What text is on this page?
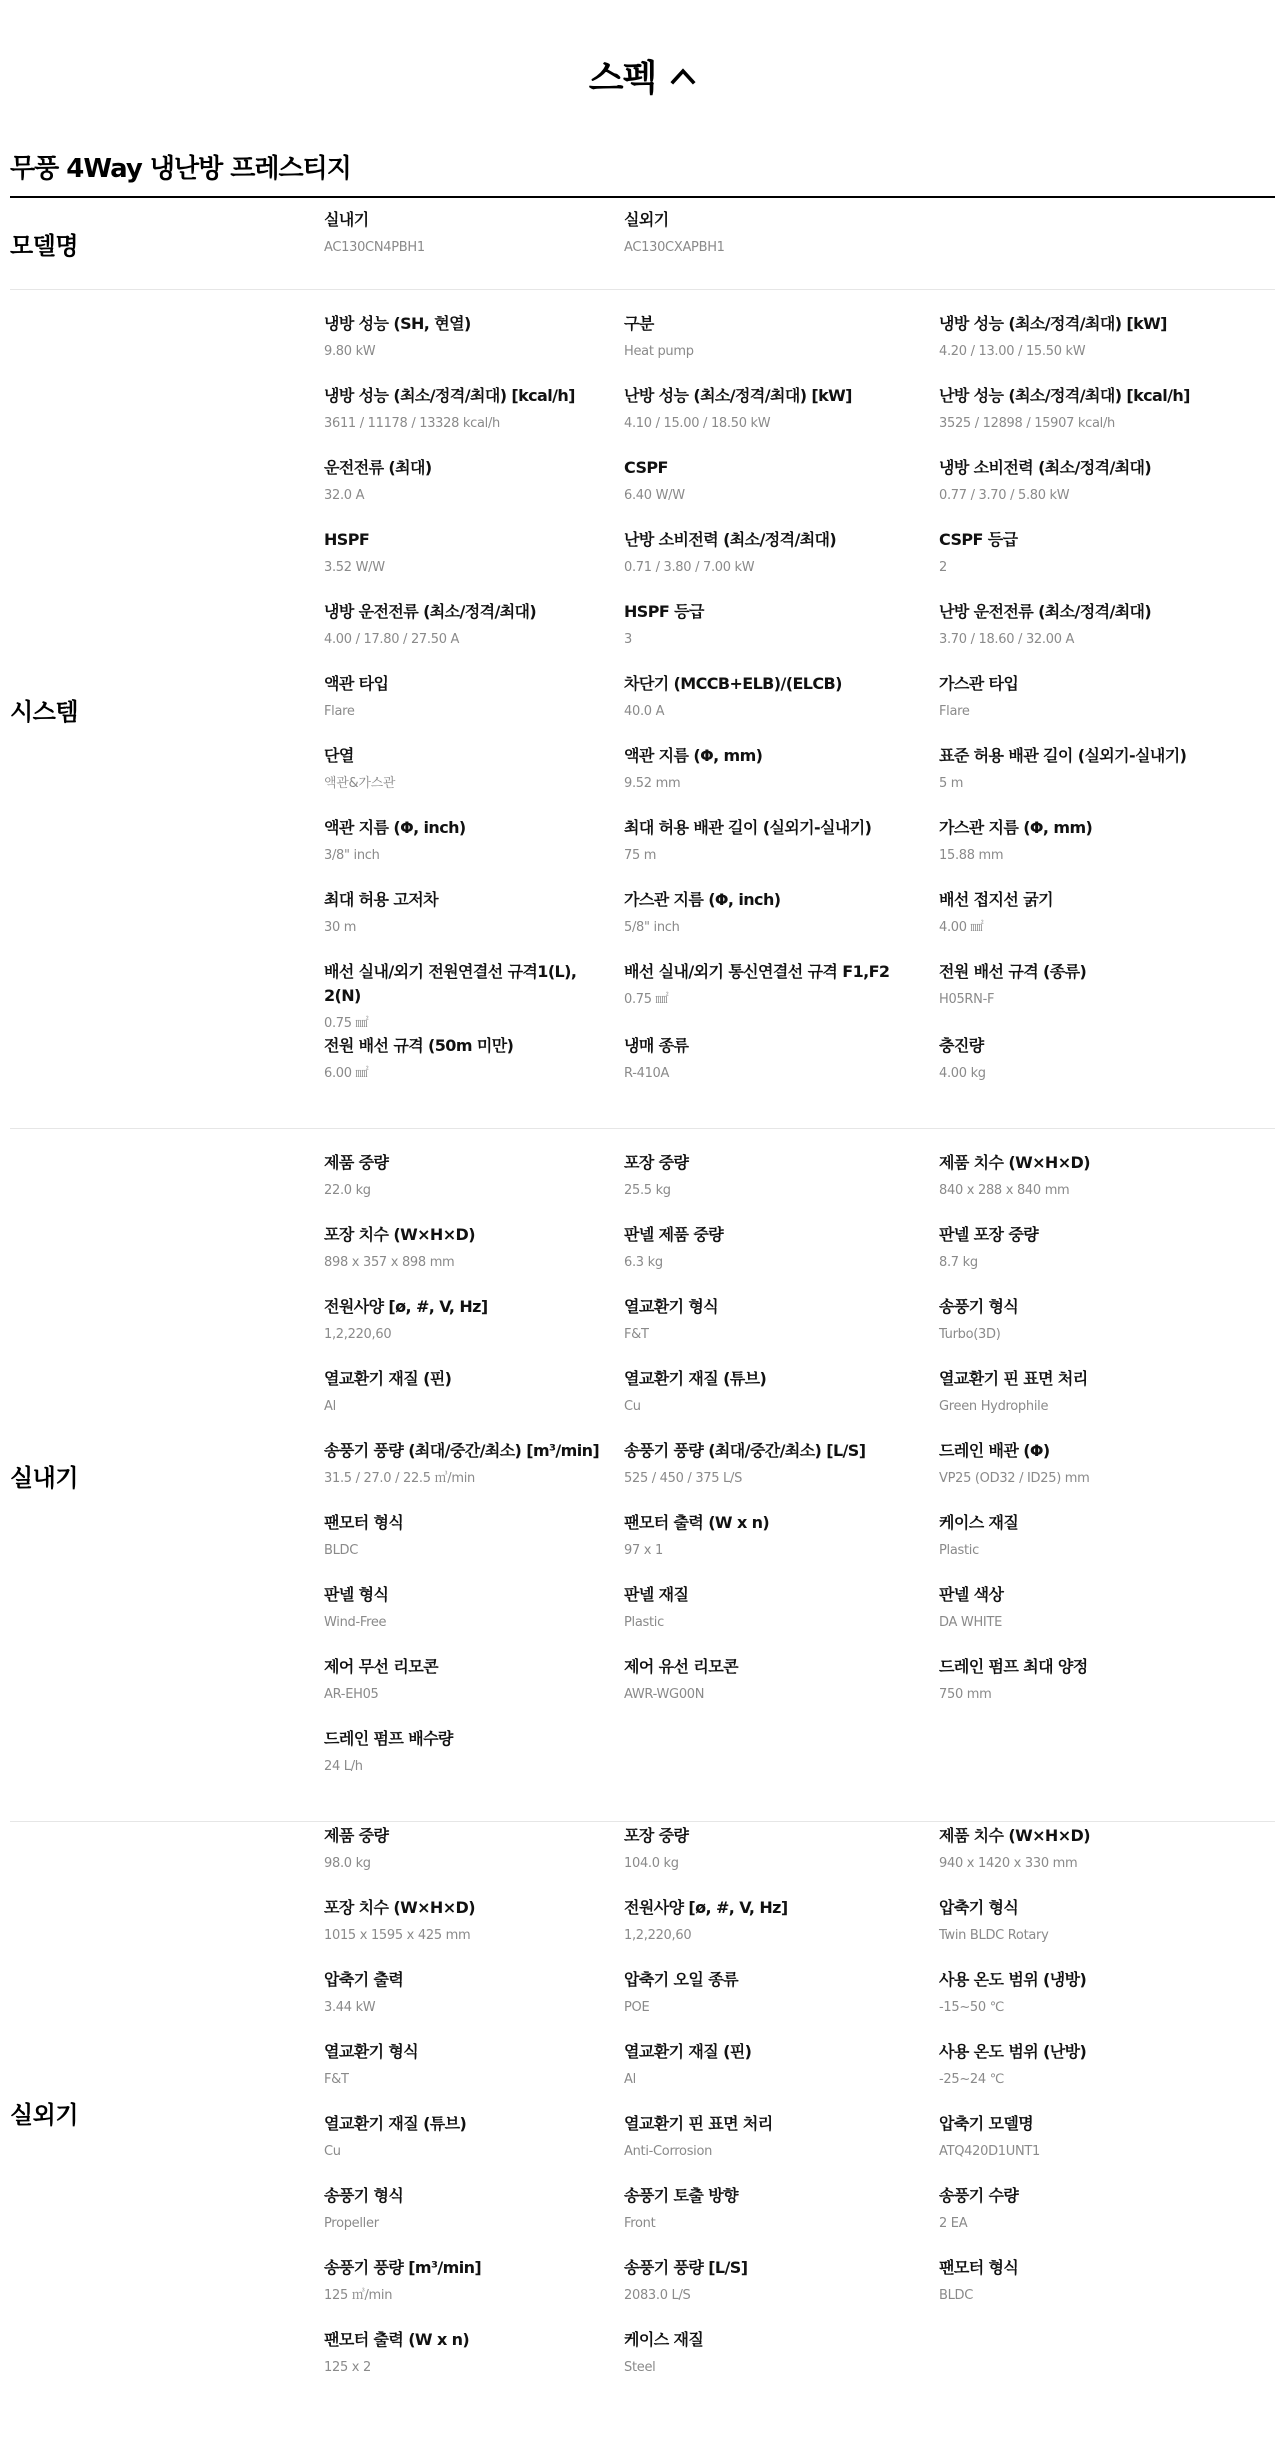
스펙
무풍 4Way 냉난방 프레스티지
모델명
실내기
AC130CN4PBH1
실외기
AC130CXAPBH1
시스템
냉방 성능 (SH, 현열)
9.80 kW
구분
Heat pump
냉방 성능 (최소/정격/최대) [kW]
4.20 / 13.00 / 15.50 kW
냉방 성능 (최소/정격/최대) [kcal/h]
3611 / 11178 / 13328 kcal/h
난방 성능 (최소/정격/최대) [kW]
4.10 / 15.00 / 18.50 kW
난방 성능 (최소/정격/최대) [kcal/h]
3525 / 12898 / 15907 kcal/h
운전전류 (최대)
32.0 A
CSPF
6.40 W/W
냉방 소비전력 (최소/정격/최대)
0.77 / 3.70 / 5.80 kW
HSPF
3.52 W/W
난방 소비전력 (최소/정격/최대)
0.71 / 3.80 / 7.00 kW
CSPF 등급
2
냉방 운전전류 (최소/정격/최대)
4.00 / 17.80 / 27.50 A
HSPF 등급
3
난방 운전전류 (최소/정격/최대)
3.70 / 18.60 / 32.00 A
액관 타입
Flare
차단기 (MCCB+ELB)/(ELCB)
40.0 A
가스관 타입
Flare
단열
액관&가스관
액관 지름 (Φ, mm)
9.52 mm
표준 허용 배관 길이 (실외기-실내기)
5 m
액관 지름 (Φ, inch)
3/8" inch
최대 허용 배관 길이 (실외기-실내기)
75 m
가스관 지름 (Φ, mm)
15.88 mm
최대 허용 고저차
30 m
가스관 지름 (Φ, inch)
5/8" inch
배선 접지선 굵기
4.00 ㎟
배선 실내/외기 전원연결선 규격1(L), 2(N)
0.75 ㎟
배선 실내/외기 통신연결선 규격 F1,F2
0.75 ㎟
전원 배선 규격 (종류)
H05RN-F
전원 배선 규격 (50m 미만)
6.00 ㎟
냉매 종류
R-410A
충진량
4.00 kg
실내기
제품 중량
22.0 kg
포장 중량
25.5 kg
제품 치수 (W×H×D)
840 x 288 x 840 mm
포장 치수 (W×H×D)
898 x 357 x 898 mm
판넬 제품 중량
6.3 kg
판넬 포장 중량
8.7 kg
전원사양 [ø, #, V, Hz]
1,2,220,60
열교환기 형식
F&T
송풍기 형식
Turbo(3D)
열교환기 재질 (핀)
Al
열교환기 재질 (튜브)
Cu
열교환기 핀 표면 처리
Green Hydrophile
송풍기 풍량 (최대/중간/최소) [m³/min]
31.5 / 27.0 / 22.5 ㎥/min
송풍기 풍량 (최대/중간/최소) [L/S]
525 / 450 / 375 L/S
드레인 배관 (Φ)
VP25 (OD32 / ID25) mm
팬모터 형식
BLDC
팬모터 출력 (W x n)
97 x 1
케이스 재질
Plastic
판넬 형식
Wind-Free
판넬 재질
Plastic
판넬 색상
DA WHITE
제어 무선 리모콘
AR-EH05
제어 유선 리모콘
AWR-WG00N
드레인 펌프 최대 양정
750 mm
드레인 펌프 배수량
24 L/h
실외기
제품 중량
98.0 kg
포장 중량
104.0 kg
제품 치수 (W×H×D)
940 x 1420 x 330 mm
포장 치수 (W×H×D)
1015 x 1595 x 425 mm
전원사양 [ø, #, V, Hz]
1,2,220,60
압축기 형식
Twin BLDC Rotary
압축기 출력
3.44 kW
압축기 오일 종류
POE
사용 온도 범위 (냉방)
-15~50 ℃
열교환기 형식
F&T
열교환기 재질 (핀)
Al
사용 온도 범위 (난방)
-25~24 ℃
열교환기 재질 (튜브)
Cu
열교환기 핀 표면 처리
Anti-Corrosion
압축기 모델명
ATQ420D1UNT1
송풍기 형식
Propeller
송풍기 토출 방향
Front
송풍기 수량
2 EA
송풍기 풍량 [m³/min]
125 ㎥/min
송풍기 풍량 [L/S]
2083.0 L/S
팬모터 형식
BLDC
팬모터 출력 (W x n)
125 x 2
케이스 재질
Steel
